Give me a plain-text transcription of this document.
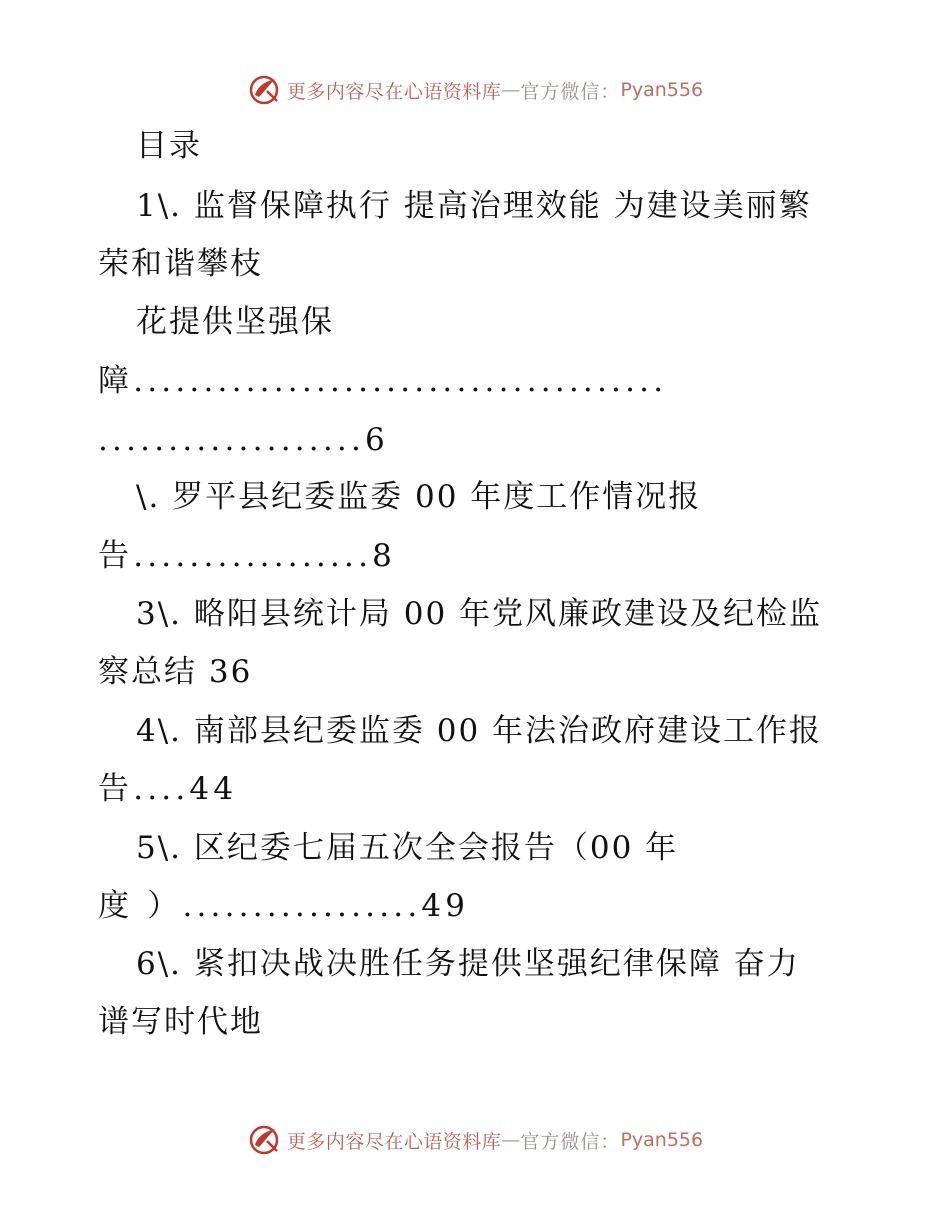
更多内容尽在心语资料库 — 官方微信： Pyan556
目录
1\. 监督保障执行 提高治理效能 为建设美丽繁
荣和谐攀枝
花提供坚强保
障......................................
...................6
\. 罗平县纪委监委 00 年度工作情况报
告.................8
3\. 略阳县统计局 00 年党风廉政建设及纪检监
察总结 36
4\. 南部县纪委监委 00 年法治政府建设工作报
告....44
5\. 区纪委七届五次全会报告（00 年
度 ）.................49
6\. 紧扣决战决胜任务提供坚强纪律保障 奋力
谱写时代地
更多内容尽在心语资料库 — 官方微信： Pyan556
